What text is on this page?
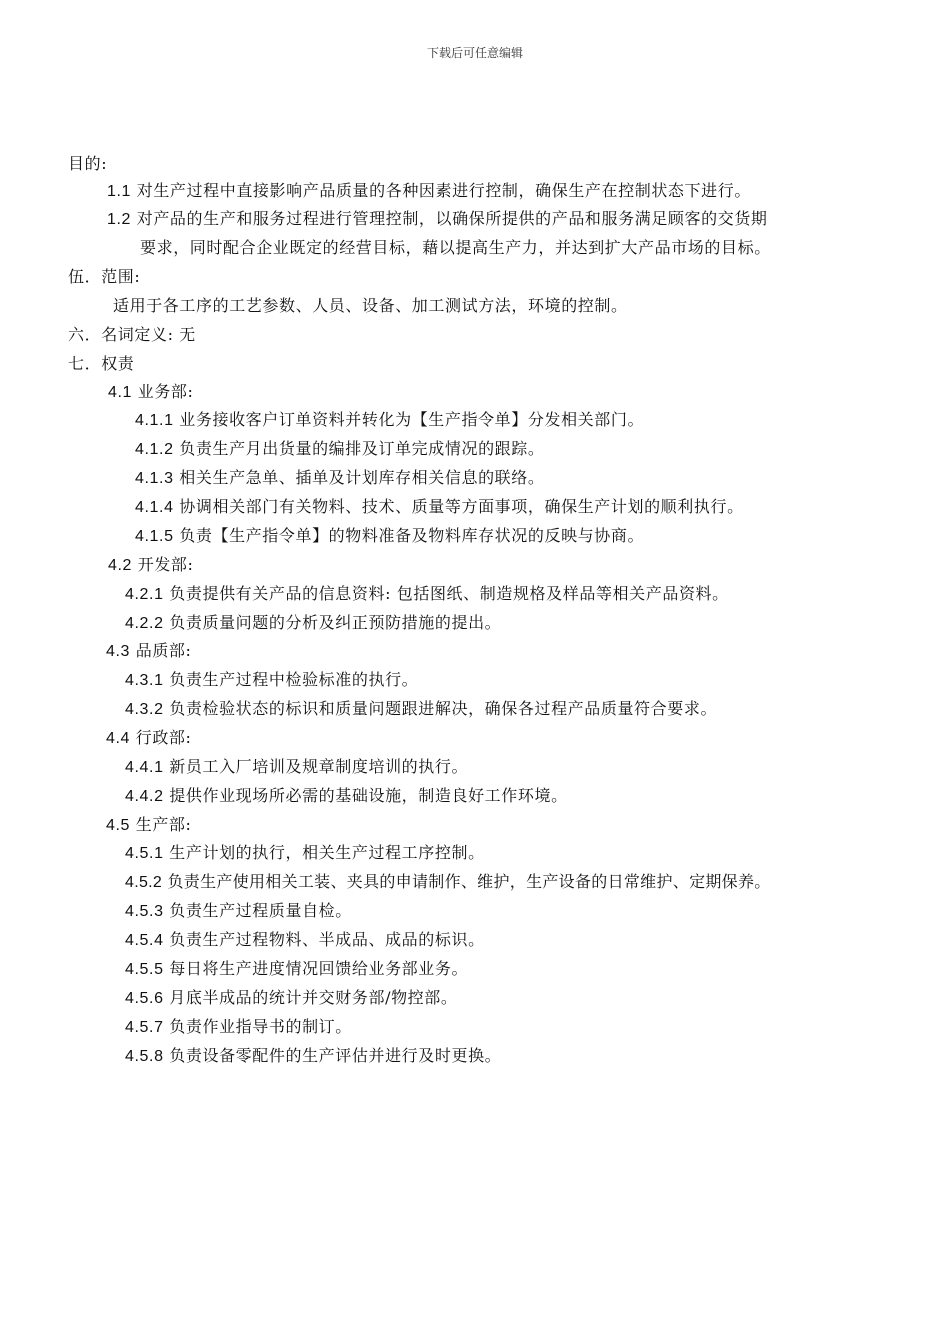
下载后可任意编辑
目的:
1.1 对生产过程中直接影响产品质量的各种因素进行控制，确保生产在控制状态下进行。
1.2 对产品的生产和服务过程进行管理控制，以确保所提供的产品和服务满足顾客的交货期
要求，同时配合企业既定的经营目标，藉以提高生产力，并达到扩大产品市场的目标。
伍．范围:
适用于各工序的工艺参数、人员、设备、加工测试方法，环境的控制。
六．名词定义: 无
七．权责
4.1 业务部:
4.1.1 业务接收客户订单资料并转化为【生产指令单】分发相关部门。
4.1.2 负责生产月出货量的编排及订单完成情况的跟踪。
4.1.3 相关生产急单、插单及计划库存相关信息的联络。
4.1.4 协调相关部门有关物料、技术、质量等方面事项，确保生产计划的顺利执行。
4.1.5 负责【生产指令单】的物料准备及物料库存状况的反映与协商。
4.2 开发部:
4.2.1 负责提供有关产品的信息资料: 包括图纸、制造规格及样品等相关产品资料。
4.2.2 负责质量问题的分析及纠正预防措施的提出。
4.3 品质部:
4.3.1 负责生产过程中检验标准的执行。
4.3.2 负责检验状态的标识和质量问题跟进解决，确保各过程产品质量符合要求。
4.4 行政部:
4.4.1 新员工入厂培训及规章制度培训的执行。
4.4.2 提供作业现场所必需的基础设施，制造良好工作环境。
4.5 生产部:
4.5.1 生产计划的执行，相关生产过程工序控制。
4.5.2 负责生产使用相关工装、夹具的申请制作、维护，生产设备的日常维护、定期保养。
4.5.3 负责生产过程质量自检。
4.5.4 负责生产过程物料、半成品、成品的标识。
4.5.5 每日将生产进度情况回馈给业务部业务。
4.5.6 月底半成品的统计并交财务部/物控部。
4.5.7 负责作业指导书的制订。
4.5.8 负责设备零配件的生产评估并进行及时更换。
